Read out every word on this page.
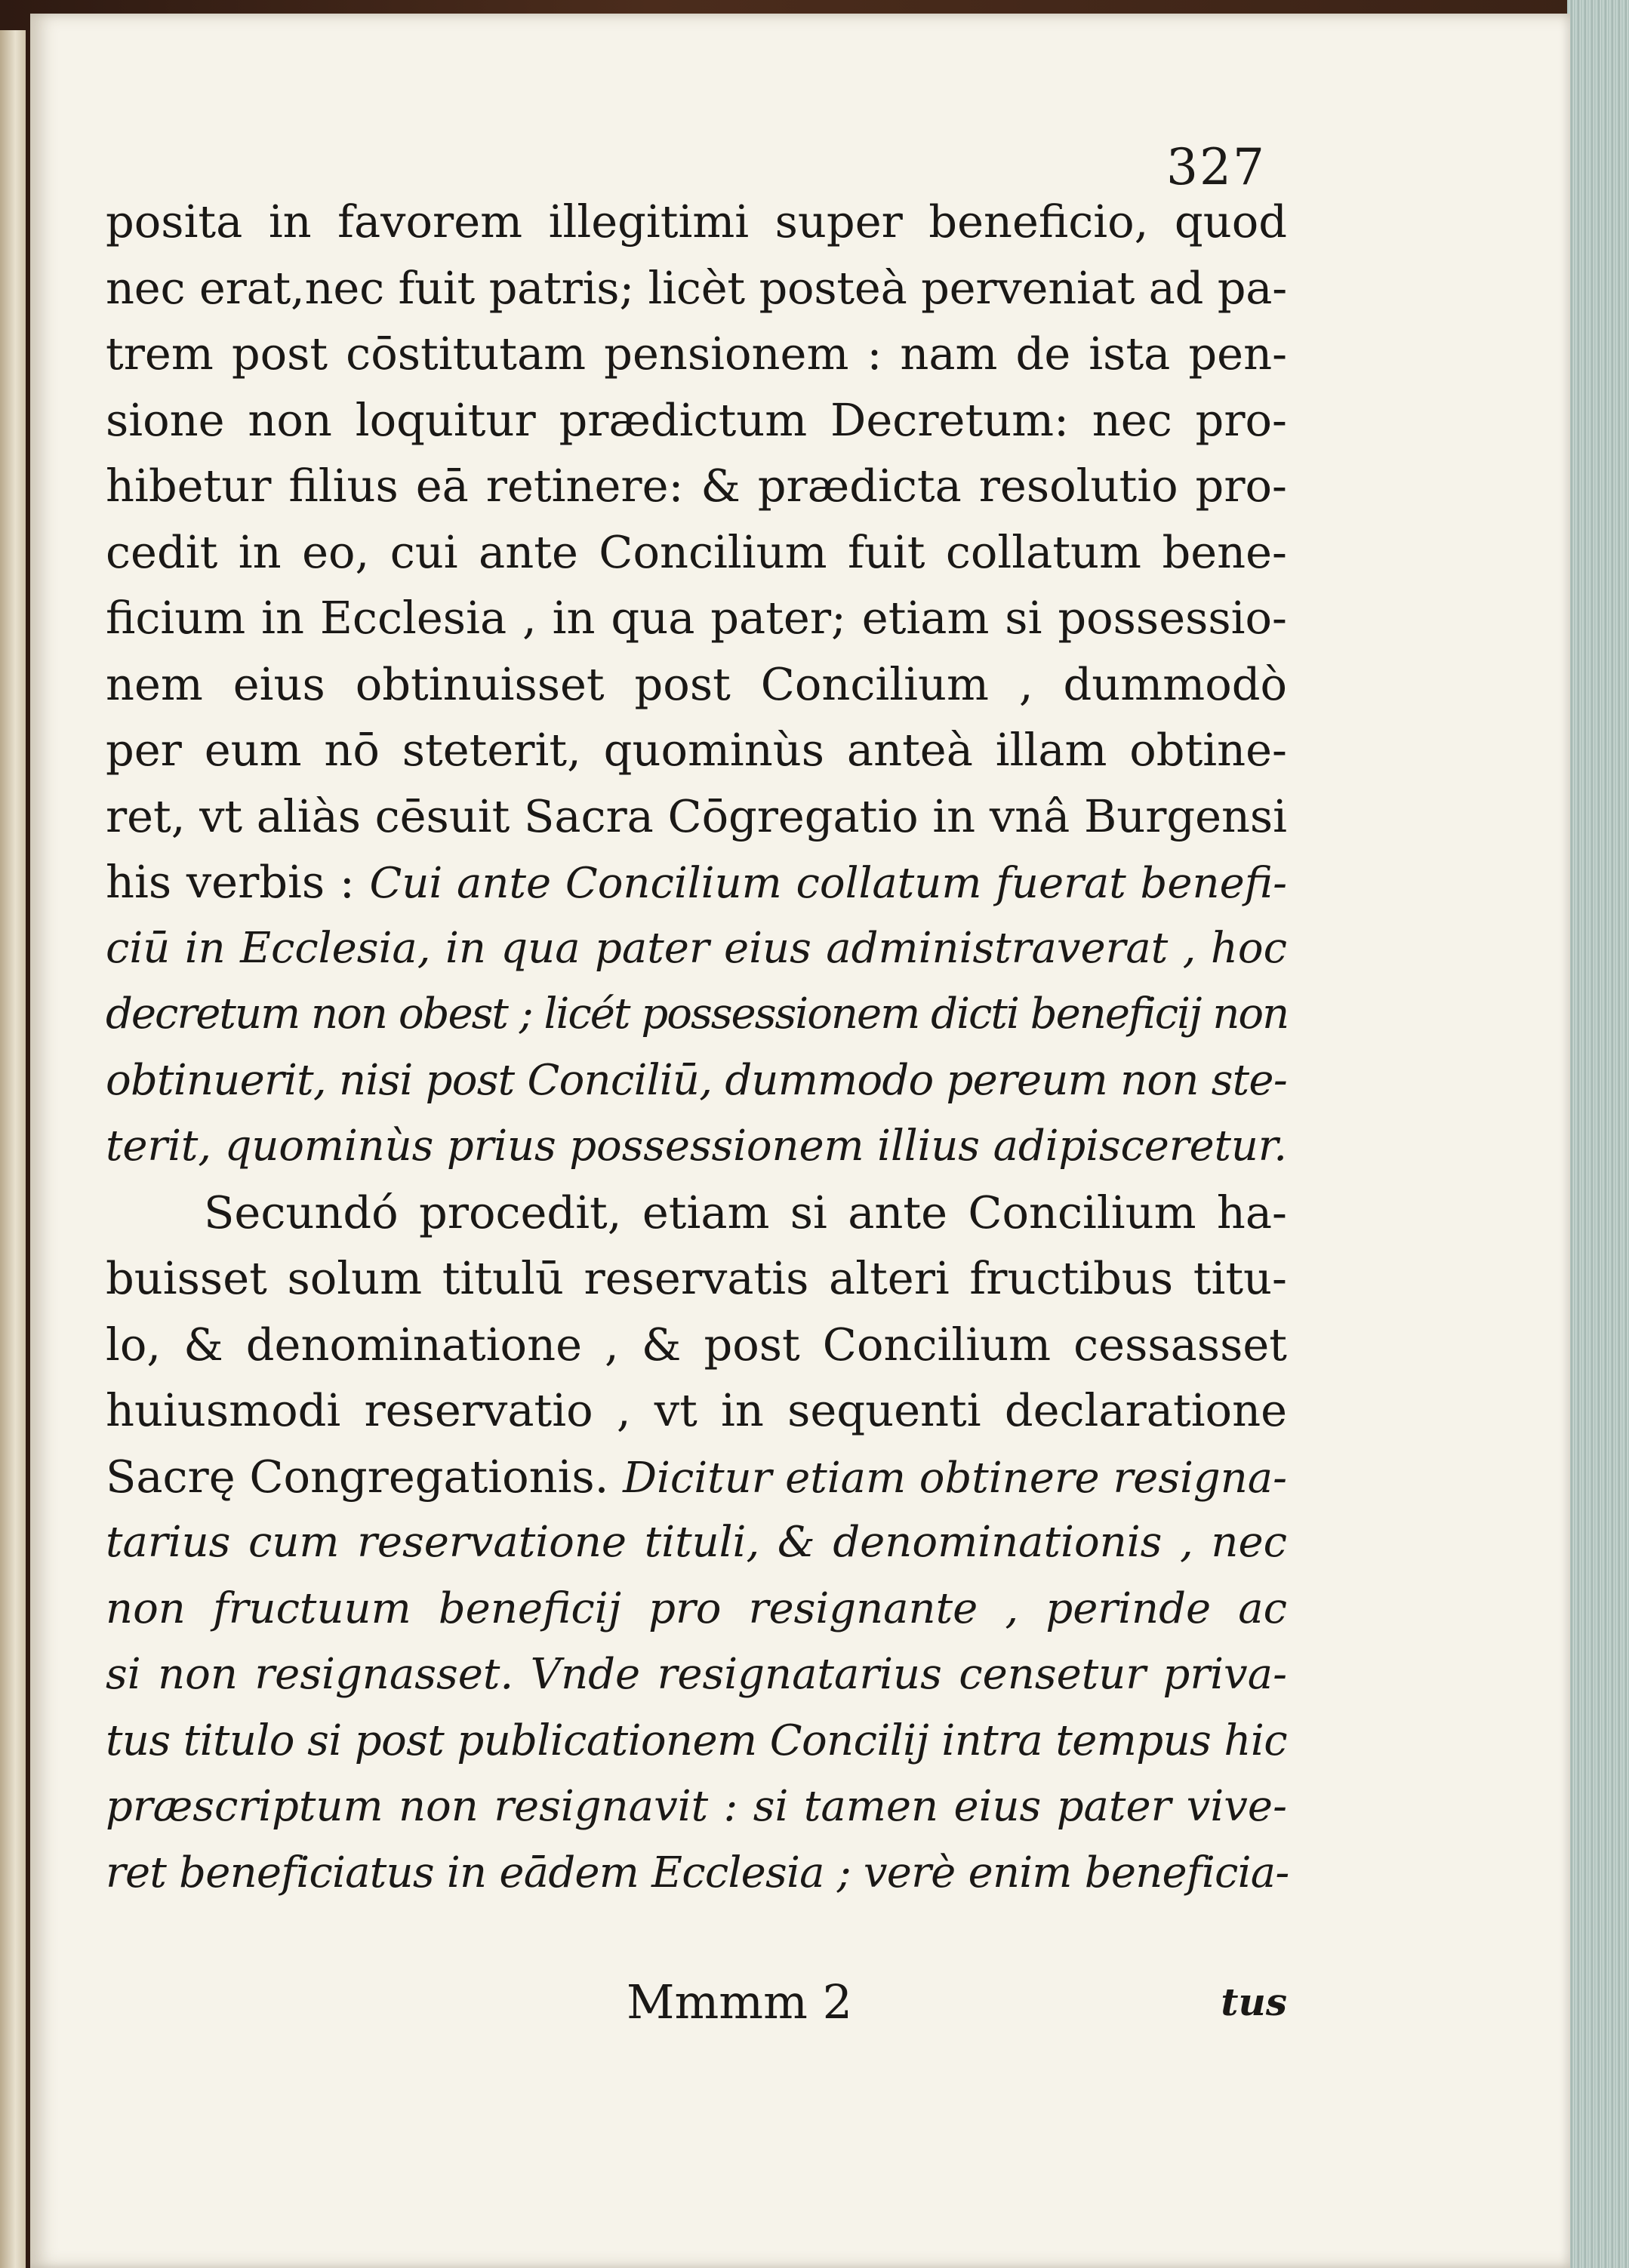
327
posita in favorem illegitimi super beneficio, quod
nec erat,nec fuit patris; licèt posteà perveniat ad pa-
trem post cōstitutam pensionem : nam de ista pen-
sione non loquitur prædictum Decretum: nec pro-
hibetur filius eā retinere: & prædicta resolutio pro-
cedit in eo, cui ante Concilium fuit collatum bene-
ficium in Ecclesia , in qua pater; etiam si possessio-
nem eius obtinuisset post Concilium , dummodò
per eum nō steterit, quominùs anteà illam obtine-
ret, vt aliàs cēsuit Sacra Cōgregatio in vnâ Burgensi
his verbis : Cui ante Concilium collatum fuerat benefi-
ciū in Ecclesia, in qua pater eius administraverat , hoc
decretum non obest ; licét possessionem dicti beneficij non
obtinuerit, nisi post Conciliū, dummodo pereum non ste-
terit, quominùs prius possessionem illius adipisceretur.
Secundó procedit, etiam si ante Concilium ha-
buisset solum titulū reservatis alteri fructibus titu-
lo, & denominatione , & post Concilium cessasset
huiusmodi reservatio , vt in sequenti declaratione
Sacrę Congregationis. Dicitur etiam obtinere resigna-
tarius cum reservatione tituli, & denominationis , nec
non fructuum beneficij pro resignante , perinde ac
si non resignasset. Vnde resignatarius censetur priva-
tus titulo si post publicationem Concilij intra tempus hic
præscriptum non resignavit : si tamen eius pater vive-
ret beneficiatus in eādem Ecclesia ; verè enim beneficia-
Mmmm 2	tus
